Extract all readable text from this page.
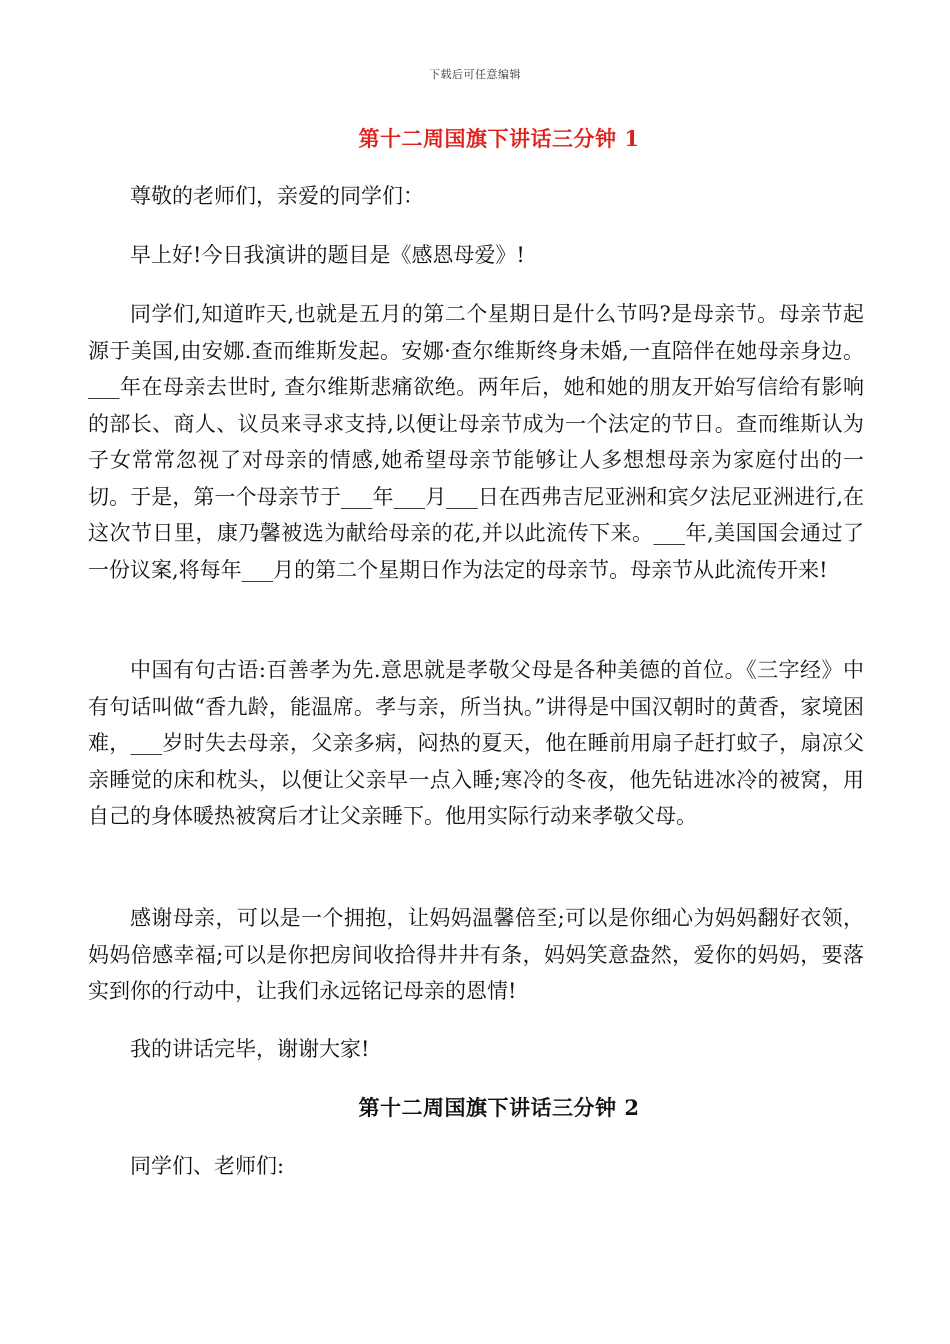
下载后可任意编辑
第十二周国旗下讲话三分钟 1

尊敬的老师们，亲爱的同学们：

早上好!今日我演讲的题目是《感恩母爱》!

同学们,知道昨天,也就是五月的第二个星期日是什么节吗?是母亲节。母亲节起源于美国,由安娜.查而维斯发起。安娜·查尔维斯终身未婚,一直陪伴在她母亲身边。___年在母亲去世时, 查尔维斯悲痛欲绝。两年后，她和她的朋友开始写信给有影响的部长、商人、议员来寻求支持,以便让母亲节成为一个法定的节日。查而维斯认为子女常常忽视了对母亲的情感,她希望母亲节能够让人多想想母亲为家庭付出的一切。于是，第一个母亲节于___年___月___日在西弗吉尼亚洲和宾夕法尼亚洲进行,在这次节日里，康乃馨被选为献给母亲的花,并以此流传下来。___年,美国国会通过了一份议案,将每年___月的第二个星期日作为法定的母亲节。母亲节从此流传开来!

中国有句古语:百善孝为先.意思就是孝敬父母是各种美德的首位。《三字经》中有句话叫做“香九龄，能温席。孝与亲，所当执。”讲得是中国汉朝时的黄香，家境困难，___岁时失去母亲，父亲多病，闷热的夏天，他在睡前用扇子赶打蚊子，扇凉父亲睡觉的床和枕头，以便让父亲早一点入睡;寒冷的冬夜，他先钻进冰冷的被窝，用自己的身体暖热被窝后才让父亲睡下。他用实际行动来孝敬父母。

感谢母亲，可以是一个拥抱，让妈妈温馨倍至;可以是你细心为妈妈翻好衣领，妈妈倍感幸福;可以是你把房间收拾得井井有条，妈妈笑意盎然，爱你的妈妈，要落实到你的行动中，让我们永远铭记母亲的恩情!

我的讲话完毕，谢谢大家!

第十二周国旗下讲话三分钟 2

同学们、老师们:
